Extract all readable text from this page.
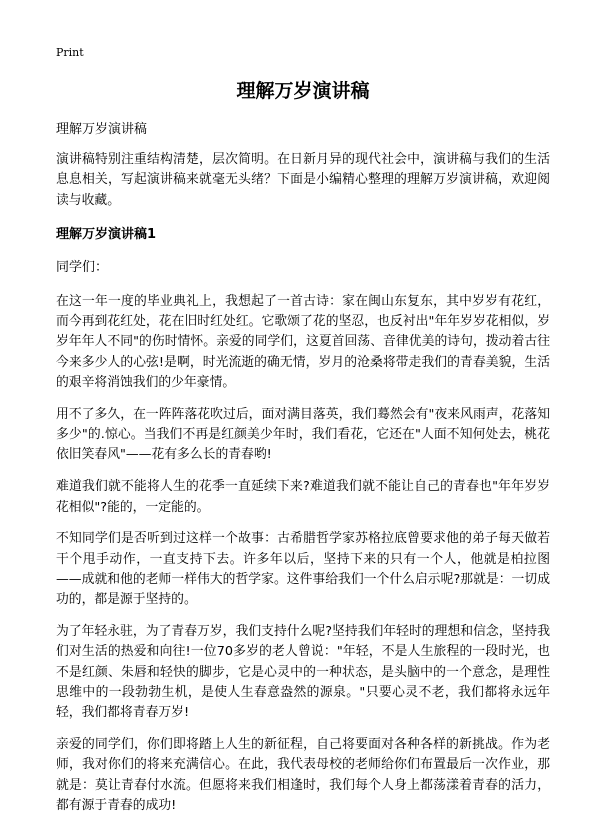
Print
理解万岁演讲稿
理解万岁演讲稿
演讲稿特别注重结构清楚，层次简明。在日新月异的现代社会中，演讲稿与我们的生活息息相关，写起演讲稿来就毫无头绪？下面是小编精心整理的理解万岁演讲稿，欢迎阅读与收藏。
理解万岁演讲稿1
同学们：
在这一年一度的毕业典礼上，我想起了一首古诗：家在闽山东复东，其中岁岁有花红，而今再到花红处，花在旧时红处红。它歌颂了花的坚忍，也反衬出"年年岁岁花相似，岁岁年年人不同"的伤时情怀。亲爱的同学们，这夏首回荡、音律优美的诗句，拨动着古往今来多少人的心弦!是啊，时光流逝的确无情，岁月的沧桑将带走我们的青春美貌，生活的艰辛将消蚀我们的少年豪情。
用不了多久，在一阵阵落花吹过后，面对满目落英，我们蓦然会有"夜来风雨声，花落知多少"的.惊心。当我们不再是红颜美少年时，我们看花，它还在"人面不知何处去，桃花依旧笑春风"——花有多么长的青春哟!
难道我们就不能将人生的花季一直延续下来?难道我们就不能让自己的青春也"年年岁岁花相似"?能的，一定能的。
不知同学们是否听到过这样一个故事：古希腊哲学家苏格拉底曾要求他的弟子每天做若干个甩手动作，一直支持下去。许多年以后，坚持下来的只有一个人，他就是柏拉图——成就和他的老师一样伟大的哲学家。这件事给我们一个什么启示呢?那就是：一切成功的，都是源于坚持的。
为了年轻永驻，为了青春万岁，我们支持什么呢?坚持我们年轻时的理想和信念，坚持我们对生活的热爱和向往!一位70多岁的老人曾说："年轻，不是人生旅程的一段时光，也不是红颜、朱唇和轻快的脚步，它是心灵中的一种状态，是头脑中的一个意念，是理性思维中的一段勃勃生机，是使人生春意盎然的源泉。"只要心灵不老，我们都将永远年轻，我们都将青春万岁!
亲爱的同学们，你们即将踏上人生的新征程，自己将要面对各种各样的新挑战。作为老师，我对你们的将来充满信心。在此，我代表母校的老师给你们布置最后一次作业，那就是：莫让青春付水流。但愿将来我们相逢时，我们每个人身上都荡漾着青春的活力，都有源于青春的成功!
